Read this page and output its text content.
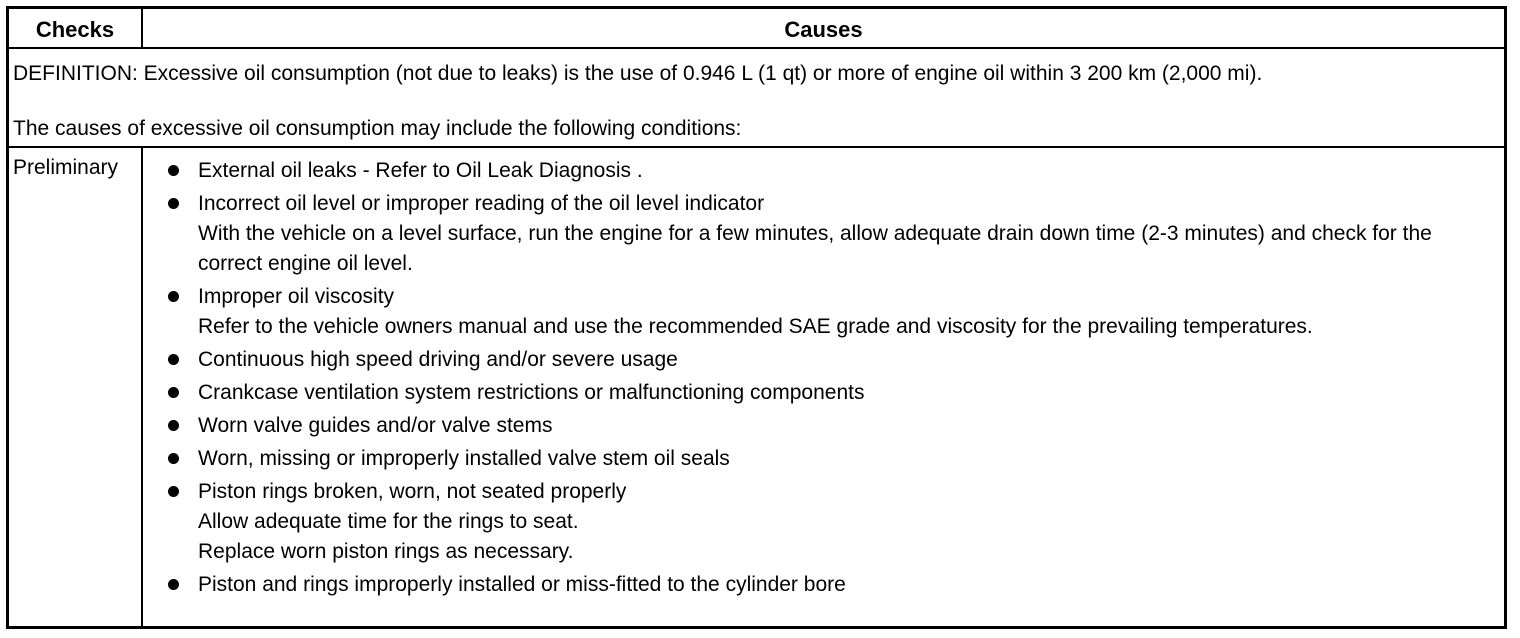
Checks	Causes
DEFINITION: Excessive oil consumption (not due to leaks) is the use of 0.946 L (1 qt) or more of engine oil within 3 200 km (2,000 mi).
The causes of excessive oil consumption may include the following conditions:
Preliminary	External oil leaks - Refer to Oil Leak Diagnosis .
Incorrect oil level or improper reading of the oil level indicator
With the vehicle on a level surface, run the engine for a few minutes, allow adequate drain down time (2-3 minutes) and check for the correct engine oil level.
Improper oil viscosity
Refer to the vehicle owners manual and use the recommended SAE grade and viscosity for the prevailing temperatures.
Continuous high speed driving and/or severe usage
Crankcase ventilation system restrictions or malfunctioning components
Worn valve guides and/or valve stems
Worn, missing or improperly installed valve stem oil seals
Piston rings broken, worn, not seated properly
Allow adequate time for the rings to seat.
Replace worn piston rings as necessary.
Piston and rings improperly installed or miss-fitted to the cylinder bore
